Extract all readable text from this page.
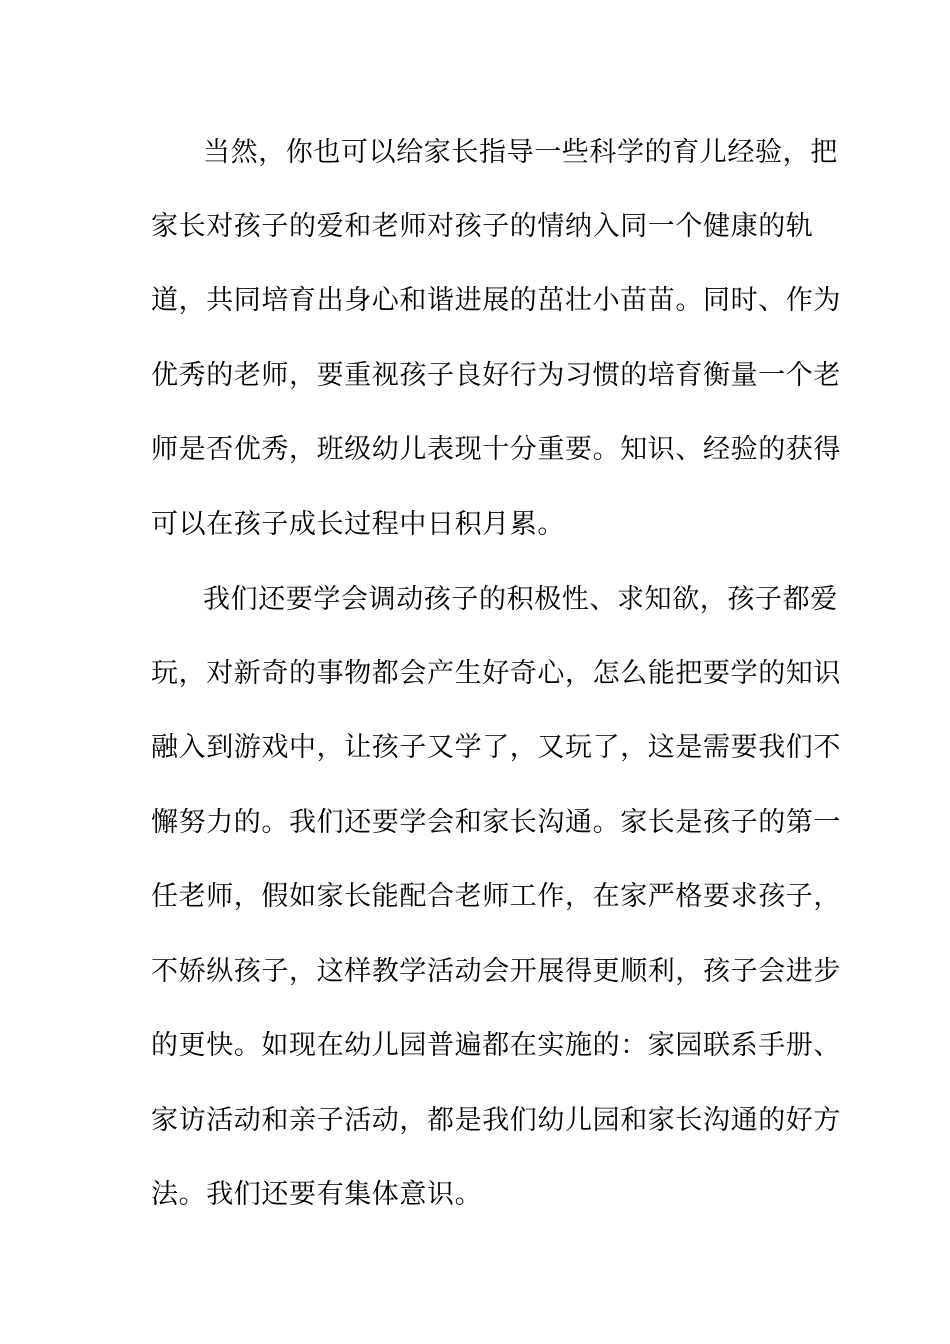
当然，你也可以给家长指导一些科学的育儿经验，把
家长对孩子的爱和老师对孩子的情纳入同一个健康的轨
道，共同培育出身心和谐进展的茁壮小苗苗。同时、作为
优秀的老师，要重视孩子良好行为习惯的培育衡量一个老
师是否优秀，班级幼儿表现十分重要。知识、经验的获得
可以在孩子成长过程中日积月累。
我们还要学会调动孩子的积极性、求知欲，孩子都爱
玩，对新奇的事物都会产生好奇心，怎么能把要学的知识
融入到游戏中，让孩子又学了，又玩了，这是需要我们不
懈努力的。我们还要学会和家长沟通。家长是孩子的第一
任老师，假如家长能配合老师工作，在家严格要求孩子，
不娇纵孩子，这样教学活动会开展得更顺利，孩子会进步
的更快。如现在幼儿园普遍都在实施的：家园联系手册、
家访活动和亲子活动，都是我们幼儿园和家长沟通的好方
法。我们还要有集体意识。
